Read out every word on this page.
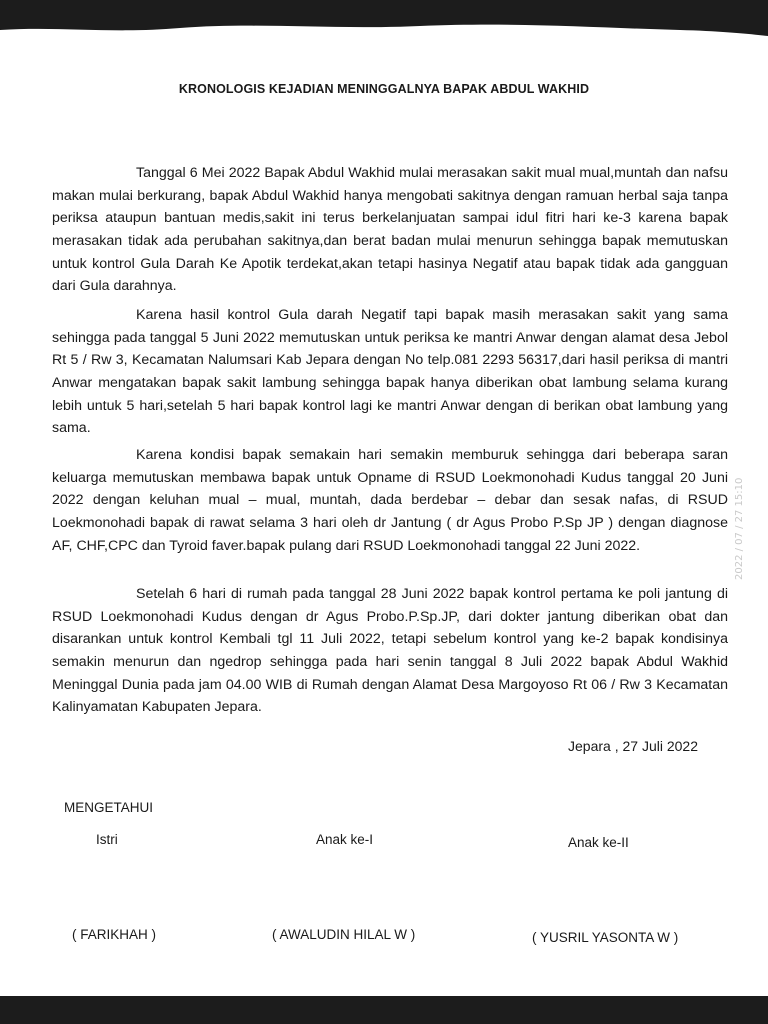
KRONOLOGIS KEJADIAN MENINGGALNYA BAPAK ABDUL WAKHID

Tanggal 6 Mei 2022 Bapak Abdul Wakhid mulai merasakan sakit mual mual,muntah dan nafsu makan mulai berkurang, bapak Abdul Wakhid hanya mengobati sakitnya dengan ramuan herbal saja tanpa periksa ataupun bantuan medis,sakit ini terus berkelanjuatan sampai idul fitri hari ke-3 karena bapak merasakan tidak ada perubahan sakitnya,dan berat badan mulai menurun sehingga bapak memutuskan untuk kontrol Gula Darah Ke Apotik terdekat,akan tetapi hasinya Negatif atau bapak tidak ada gangguan dari Gula darahnya.

Karena hasil kontrol Gula darah Negatif tapi bapak masih merasakan sakit yang sama sehingga pada tanggal 5 Juni 2022 memutuskan untuk periksa ke mantri Anwar dengan alamat desa Jebol Rt 5 / Rw 3, Kecamatan Nalumsari Kab Jepara dengan No telp.081 2293 56317,dari hasil periksa di mantri Anwar mengatakan bapak sakit lambung sehingga bapak hanya diberikan obat lambung selama kurang lebih untuk 5 hari,setelah 5 hari bapak kontrol lagi ke mantri Anwar dengan di berikan obat lambung yang sama.

Karena kondisi bapak semakain hari semakin memburuk sehingga dari beberapa saran keluarga memutuskan membawa bapak untuk Opname di RSUD Loekmonohadi Kudus tanggal 20 Juni 2022 dengan keluhan mual – mual, muntah, dada berdebar – debar dan sesak nafas, di RSUD Loekmonohadi bapak di rawat selama 3 hari oleh dr Jantung ( dr Agus Probo P.Sp JP ) dengan diagnose AF, CHF,CPC dan Tyroid faver.bapak pulang dari RSUD Loekmonohadi tanggal 22 Juni 2022.

Setelah 6 hari di rumah pada tanggal 28 Juni 2022 bapak kontrol pertama ke poli jantung di RSUD Loekmonohadi Kudus dengan dr Agus Probo.P.Sp.JP, dari dokter jantung diberikan obat dan disarankan untuk kontrol Kembali tgl 11 Juli 2022, tetapi sebelum kontrol yang ke-2 bapak kondisinya semakin menurun dan ngedrop sehingga pada hari senin tanggal 8 Juli 2022 bapak Abdul Wakhid Meninggal Dunia pada jam 04.00 WIB di Rumah dengan Alamat Desa Margoyoso Rt 06 / Rw 3 Kecamatan Kalinyamatan Kabupaten Jepara.

Jepara , 27 Juli 2022
MENGETAHUI
Istri	Anak ke-I	Anak ke-II
( FARIKHAH )	( AWALUDIN HILAL W )	( YUSRIL YASONTA W )
2022 / 07 / 27 15:10
